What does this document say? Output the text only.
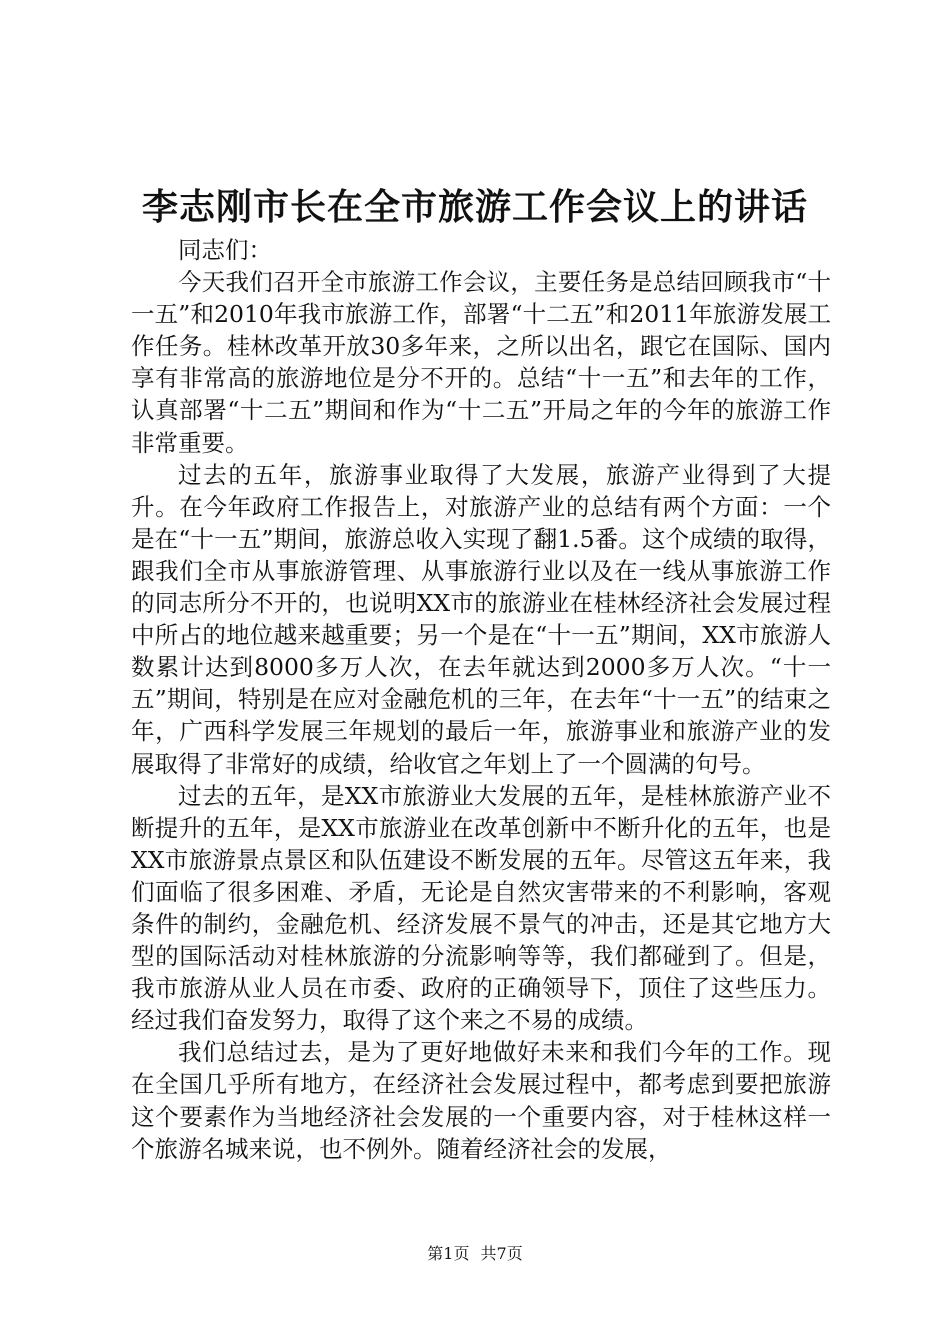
李志刚市长在全市旅游工作会议上的讲话

同志们：

今天我们召开全市旅游工作会议，主要任务是总结回顾我市“十一五”和2010年我市旅游工作，部署“十二五”和2011年旅游发展工作任务。桂林改革开放30多年来，之所以出名，跟它在国际、国内享有非常高的旅游地位是分不开的。总结“十一五”和去年的工作，认真部署“十二五”期间和作为“十二五”开局之年的今年的旅游工作非常重要。

过去的五年，旅游事业取得了大发展，旅游产业得到了大提升。在今年政府工作报告上，对旅游产业的总结有两个方面：一个是在“十一五”期间，旅游总收入实现了翻1.5番。这个成绩的取得，跟我们全市从事旅游管理、从事旅游行业以及在一线从事旅游工作的同志所分不开的，也说明XX市的旅游业在桂林经济社会发展过程中所占的地位越来越重要；另一个是在“十一五”期间，XX市旅游人数累计达到8000多万人次，在去年就达到2000多万人次。“十一五”期间，特别是在应对金融危机的三年，在去年“十一五”的结束之年，广西科学发展三年规划的最后一年，旅游事业和旅游产业的发展取得了非常好的成绩，给收官之年划上了一个圆满的句号。

过去的五年，是XX市旅游业大发展的五年，是桂林旅游产业不断提升的五年，是XX市旅游业在改革创新中不断升化的五年，也是XX市旅游景点景区和队伍建设不断发展的五年。尽管这五年来，我们面临了很多困难、矛盾，无论是自然灾害带来的不利影响，客观条件的制约，金融危机、经济发展不景气的冲击，还是其它地方大型的国际活动对桂林旅游的分流影响等等，我们都碰到了。但是，我市旅游从业人员在市委、政府的正确领导下，顶住了这些压力。经过我们奋发努力，取得了这个来之不易的成绩。

我们总结过去，是为了更好地做好未来和我们今年的工作。现在全国几乎所有地方，在经济社会发展过程中，都考虑到要把旅游这个要素作为当地经济社会发展的一个重要内容，对于桂林这样一个旅游名城来说，也不例外。随着经济社会的发展，

第1页 共7页
